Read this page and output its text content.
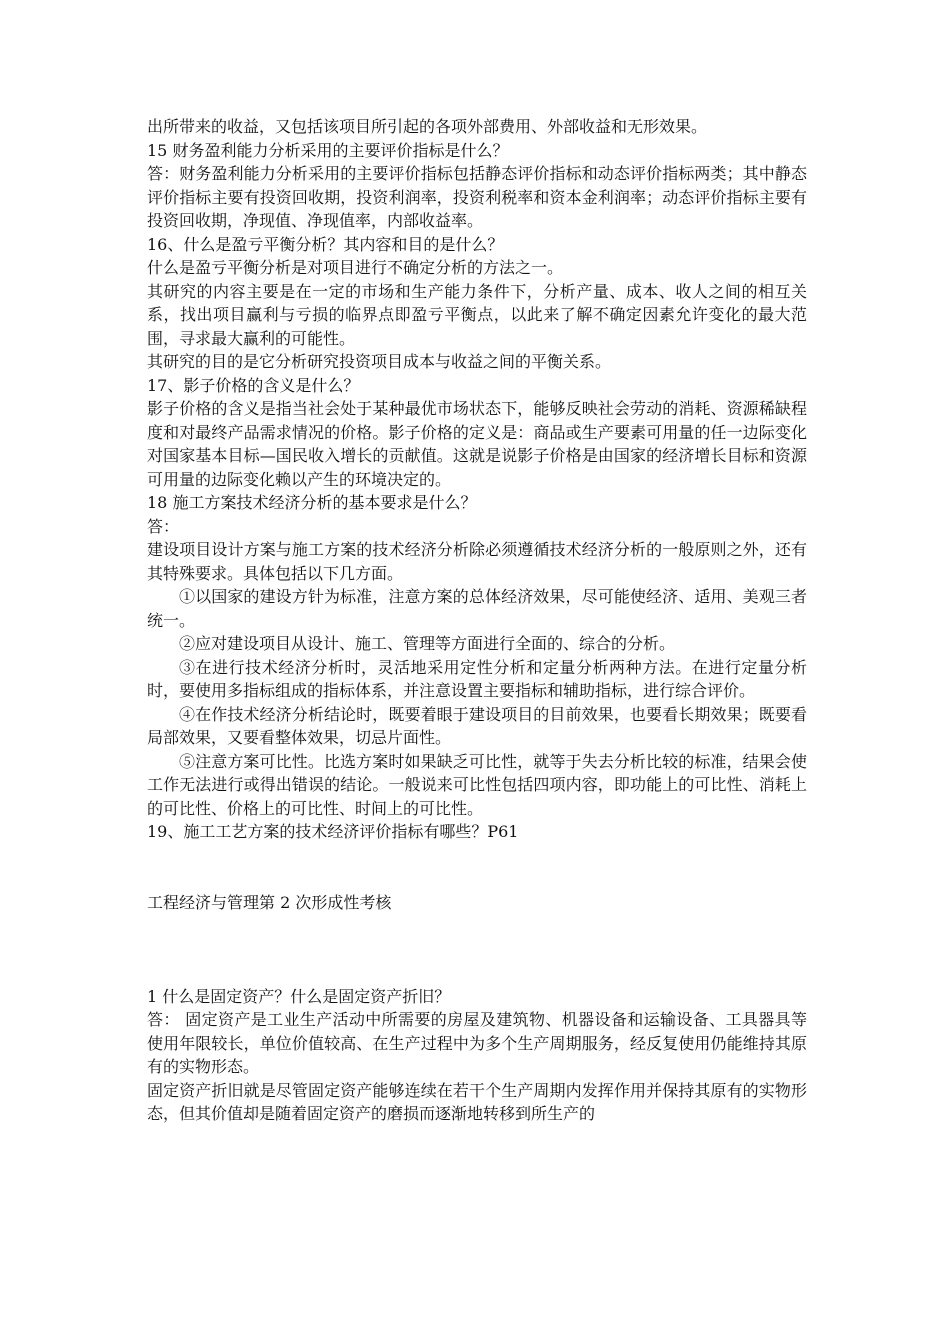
出所带来的收益，又包括该项目所引起的各项外部费用、外部收益和无形效果。

15 财务盈利能力分析采用的主要评价指标是什么？

答：财务盈利能力分析采用的主要评价指标包括静态评价指标和动态评价指标两类；其中静态评价指标主要有投资回收期，投资利润率，投资利税率和资本金利润率；动态评价指标主要有投资回收期，净现值、净现值率，内部收益率。

16、什么是盈亏平衡分析？其内容和目的是什么？

什么是盈亏平衡分析是对项目进行不确定分析的方法之一。

其研究的内容主要是在一定的市场和生产能力条件下，分析产量、成本、收人之间的相互关系，找出项目赢利与亏损的临界点即盈亏平衡点，以此来了解不确定因素允许变化的最大范围，寻求最大赢利的可能性。

其研究的目的是它分析研究投资项目成本与收益之间的平衡关系。

17、影子价格的含义是什么？

影子价格的含义是指当社会处于某种最优市场状态下，能够反映社会劳动的消耗、资源稀缺程度和对最终产品需求情况的价格。影子价格的定义是：商品或生产要素可用量的任一边际变化对国家基本目标—国民收入增长的贡献值。这就是说影子价格是由国家的经济增长目标和资源可用量的边际变化赖以产生的环境决定的。

18 施工方案技术经济分析的基本要求是什么？

答：

建设项目设计方案与施工方案的技术经济分析除必须遵循技术经济分析的一般原则之外，还有其特殊要求。具体包括以下几方面。

①以国家的建设方针为标准，注意方案的总体经济效果，尽可能使经济、适用、美观三者统一。

②应对建设项目从设计、施工、管理等方面进行全面的、综合的分析。

③在进行技术经济分析时，灵活地采用定性分析和定量分析两种方法。在进行定量分析时，要使用多指标组成的指标体系，并注意设置主要指标和辅助指标，进行综合评价。

④在作技术经济分析结论时，既要着眼于建设项目的目前效果，也要看长期效果；既要看局部效果，又要看整体效果，切忌片面性。

⑤注意方案可比性。比选方案时如果缺乏可比性，就等于失去分析比较的标准，结果会使工作无法进行或得出错误的结论。一般说来可比性包括四项内容，即功能上的可比性、消耗上的可比性、价格上的可比性、时间上的可比性。

19、施工工艺方案的技术经济评价指标有哪些？P61

工程经济与管理第 2 次形成性考核

1 什么是固定资产？什么是固定资产折旧？

答： 固定资产是工业生产活动中所需要的房屋及建筑物、机器设备和运输设备、工具器具等使用年限较长，单位价值较高、在生产过程中为多个生产周期服务，经反复使用仍能维持其原有的实物形态。

固定资产折旧就是尽管固定资产能够连续在若干个生产周期内发挥作用并保持其原有的实物形态，但其价值却是随着固定资产的磨损而逐渐地转移到所生产的
